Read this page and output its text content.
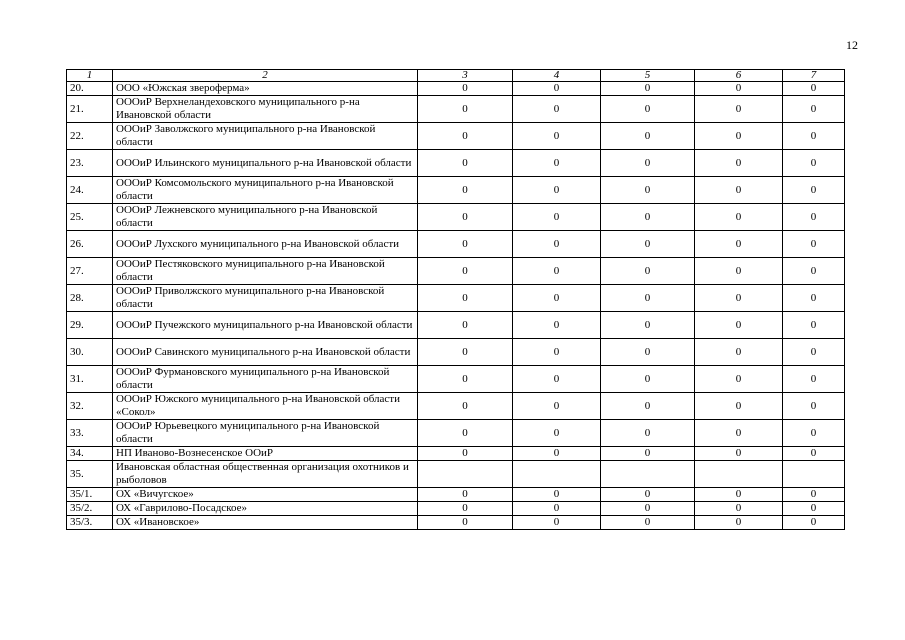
12
1	2	3	4	5	6	7
20.	ООО «Южская звероферма»	0	0	0	0	0
21.	ОООиР Верхнеландеховского муниципального р-на Ивановской области	0	0	0	0	0
22.	ОООиР Заволжского муниципального р-на Ивановской области	0	0	0	0	0
23.	ОООиР Ильинского муниципального р-на Ивановской области	0	0	0	0	0
24.	ОООиР Комсомольского муниципального р-на Ивановской области	0	0	0	0	0
25.	ОООиР Лежневского муниципального р-на Ивановской области	0	0	0	0	0
26.	ОООиР Лухского муниципального р-на Ивановской области	0	0	0	0	0
27.	ОООиР Пестяковского муниципального р-на Ивановской области	0	0	0	0	0
28.	ОООиР Приволжского муниципального р-на Ивановской области	0	0	0	0	0
29.	ОООиР Пучежского муниципального р-на Ивановской области	0	0	0	0	0
30.	ОООиР Савинского муниципального р-на Ивановской области	0	0	0	0	0
31.	ОООиР Фурмановского муниципального р-на Ивановской области	0	0	0	0	0
32.	ОООиР Южского муниципального р-на Ивановской области «Сокол»	0	0	0	0	0
33.	ОООиР Юрьевецкого муниципального р-на Ивановской области	0	0	0	0	0
34.	НП Иваново-Вознесенское ООиР	0	0	0	0	0
35.	Ивановская областная общественная организация охотников и рыболовов					
35/1.	ОХ «Вичугское»	0	0	0	0	0
35/2.	ОХ «Гаврилово-Посадское»	0	0	0	0	0
35/3.	ОХ «Ивановское»	0	0	0	0	0
